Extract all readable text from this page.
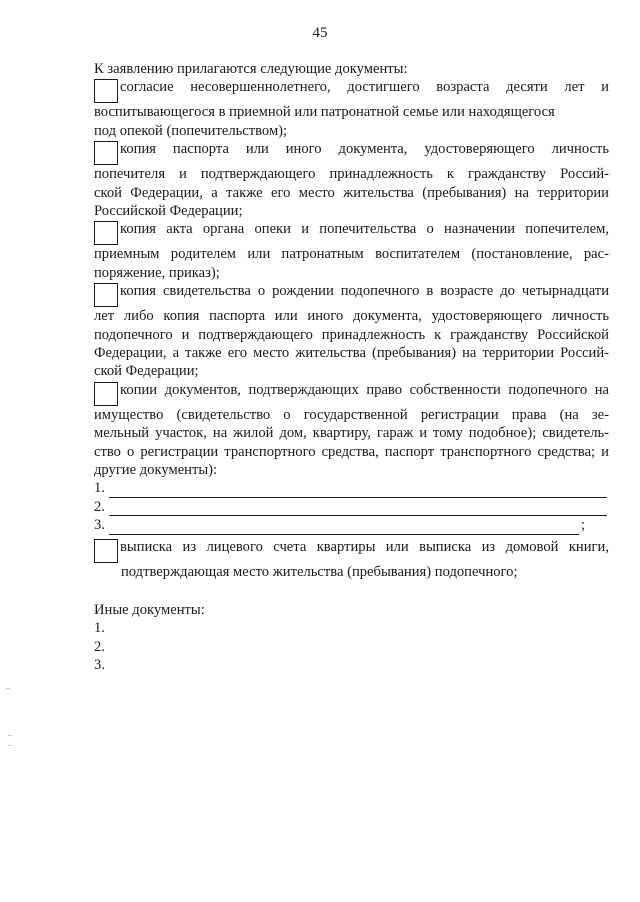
45

К заявлению прилагаются следующие документы:

согласие несовершеннолетнего, достигшего возраста десяти лет и
воспитывающегося в приемной или патронатной семье или находящегося
под опекой (попечительством);
копия паспорта или иного документа, удостоверяющего личность
попечителя и подтверждающего принадлежность к гражданству Россий-
ской Федерации, а также его место жительства (пребывания) на территории
Российской Федерации;
копия акта органа опеки и попечительства о назначении попечителем,
приемным родителем или патронатным воспитателем (постановление, рас-
поряжение, приказ);
копия свидетельства о рождении подопечного в возрасте до четырнадцати
лет либо копия паспорта или иного документа, удостоверяющего личность
подопечного и подтверждающего принадлежность к гражданству Российской
Федерации, а также его место жительства (пребывания) на территории Россий-
ской Федерации;
копии документов, подтверждающих право собственности подопечного на
имущество (свидетельство о государственной регистрации права (на зе-
мельный участок, на жилой дом, квартиру, гараж и тому подобное); свидетель-
ство о регистрации транспортного средства, паспорт транспортного средства; и
другие документы):
1.
2.
3.	;
выписка из лицевого счета квартиры или выписка из домовой книги,
подтверждающая место жительства (пребывания) подопечного;

Иные документы:

1.

2.

3.
